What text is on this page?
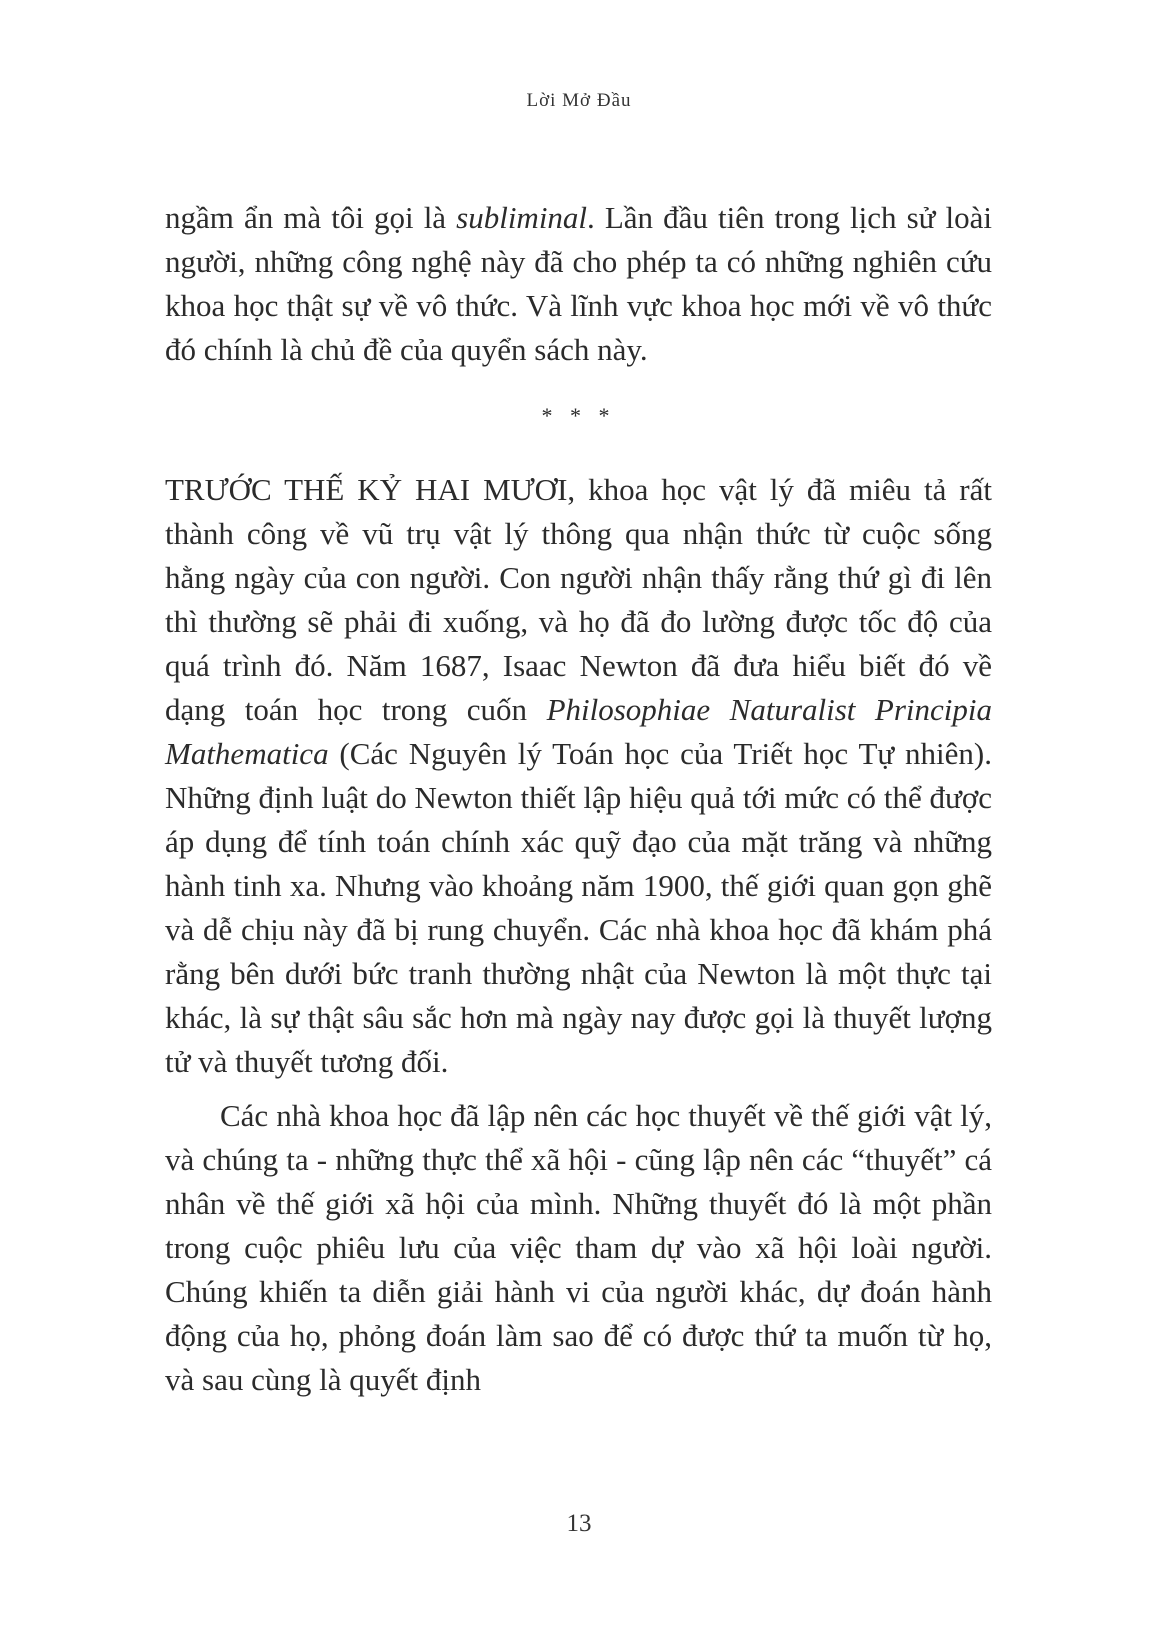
Lời Mở Đầu

ngầm ẩn mà tôi gọi là subliminal. Lần đầu tiên trong lịch sử loài người, những công nghệ này đã cho phép ta có những nghiên cứu khoa học thật sự về vô thức. Và lĩnh vực khoa học mới về vô thức đó chính là chủ đề của quyển sách này.

* * *

TRƯỚC THẾ KỶ HAI MƯƠI, khoa học vật lý đã miêu tả rất thành công về vũ trụ vật lý thông qua nhận thức từ cuộc sống hằng ngày của con người. Con người nhận thấy rằng thứ gì đi lên thì thường sẽ phải đi xuống, và họ đã đo lường được tốc độ của quá trình đó. Năm 1687, Isaac Newton đã đưa hiểu biết đó về dạng toán học trong cuốn Philosophiae Naturalist Principia Mathematica (Các Nguyên lý Toán học của Triết học Tự nhiên). Những định luật do Newton thiết lập hiệu quả tới mức có thể được áp dụng để tính toán chính xác quỹ đạo của mặt trăng và những hành tinh xa. Nhưng vào khoảng năm 1900, thế giới quan gọn ghẽ và dễ chịu này đã bị rung chuyển. Các nhà khoa học đã khám phá rằng bên dưới bức tranh thường nhật của Newton là một thực tại khác, là sự thật sâu sắc hơn mà ngày nay được gọi là thuyết lượng tử và thuyết tương đối.

Các nhà khoa học đã lập nên các học thuyết về thế giới vật lý, và chúng ta - những thực thể xã hội - cũng lập nên các “thuyết” cá nhân về thế giới xã hội của mình. Những thuyết đó là một phần trong cuộc phiêu lưu của việc tham dự vào xã hội loài người. Chúng khiến ta diễn giải hành vi của người khác, dự đoán hành động của họ, phỏng đoán làm sao để có được thứ ta muốn từ họ, và sau cùng là quyết định

13
